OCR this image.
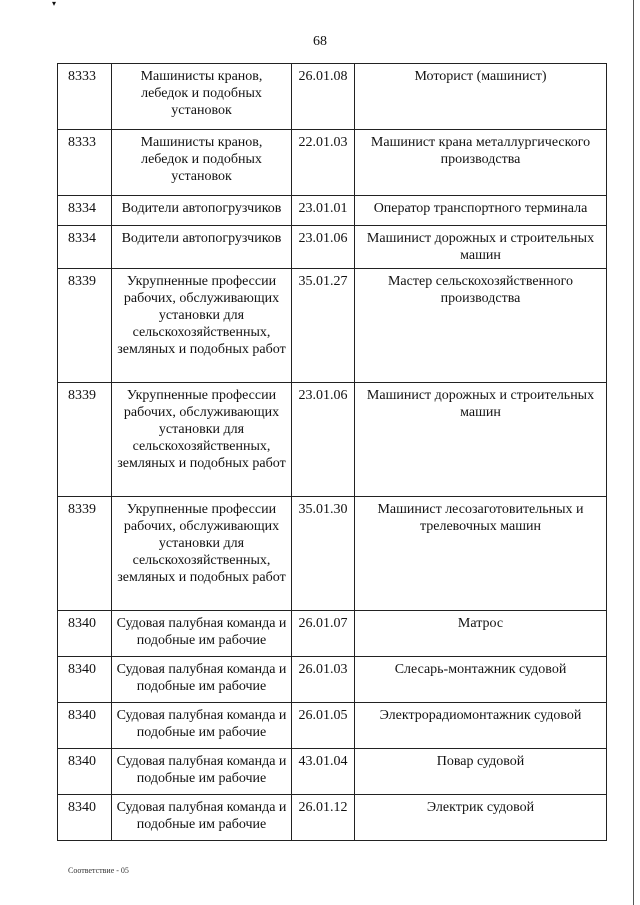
▾
68
8333	Машинисты кранов, лебедок и подобных установок	26.01.08	Моторист (машинист)
8333	Машинисты кранов, лебедок и подобных установок	22.01.03	Машинист крана металлургического производства
8334	Водители автопогрузчиков	23.01.01	Оператор транспортного терминала
8334	Водители автопогрузчиков	23.01.06	Машинист дорожных и строительных машин
8339	Укрупненные профессии рабочих, обслуживающих установки для сельскохозяйственных, земляных и подобных работ	35.01.27	Мастер сельскохозяйственного производства
8339	Укрупненные профессии рабочих, обслуживающих установки для сельскохозяйственных, земляных и подобных работ	23.01.06	Машинист дорожных и строительных машин
8339	Укрупненные профессии рабочих, обслуживающих установки для сельскохозяйственных, земляных и подобных работ	35.01.30	Машинист лесозаготовительных и трелевочных машин
8340	Судовая палубная команда и подобные им рабочие	26.01.07	Матрос
8340	Судовая палубная команда и подобные им рабочие	26.01.03	Слесарь-монтажник судовой
8340	Судовая палубная команда и подобные им рабочие	26.01.05	Электрорадиомонтажник судовой
8340	Судовая палубная команда и подобные им рабочие	43.01.04	Повар судовой
8340	Судовая палубная команда и подобные им рабочие	26.01.12	Электрик судовой
Соответствие - 05
